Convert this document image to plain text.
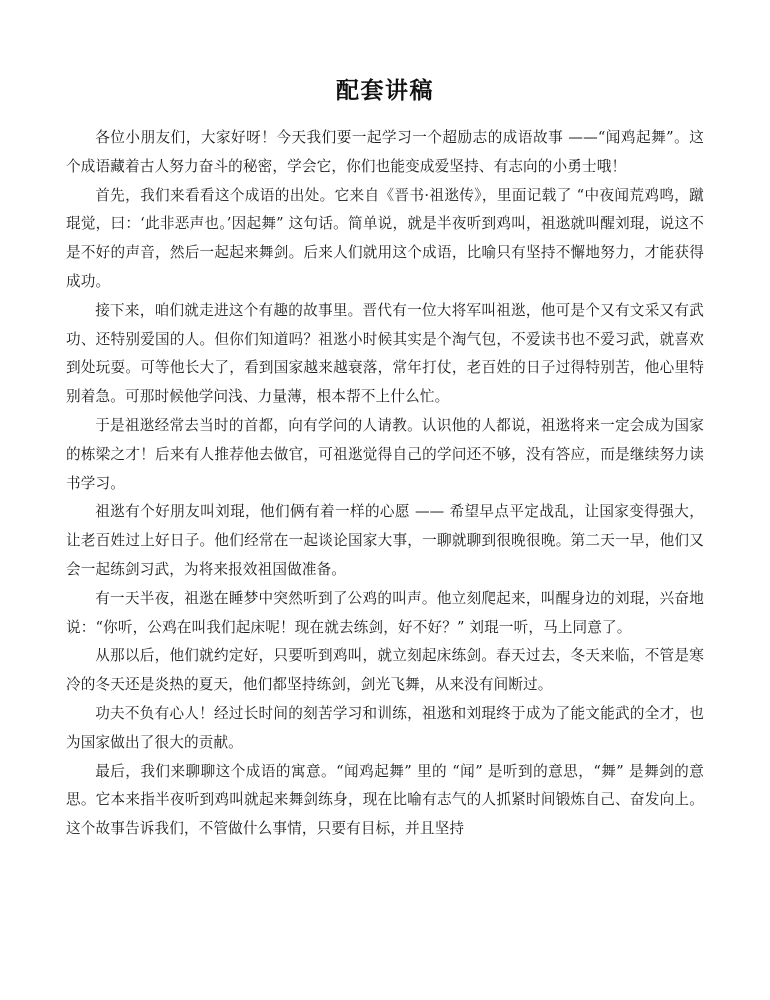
配套讲稿

各位小朋友们，大家好呀！今天我们要一起学习一个超励志的成语故事 ——“闻鸡起舞”。这个成语藏着古人努力奋斗的秘密，学会它，你们也能变成爱坚持、有志向的小勇士哦！

首先，我们来看看这个成语的出处。它来自《晋书·祖逖传》，里面记载了 “中夜闻荒鸡鸣，蹴琨觉，曰：‘此非恶声也。’因起舞” 这句话。简单说，就是半夜听到鸡叫，祖逖就叫醒刘琨，说这不是不好的声音，然后一起起来舞剑。后来人们就用这个成语，比喻只有坚持不懈地努力，才能获得成功。

接下来，咱们就走进这个有趣的故事里。晋代有一位大将军叫祖逖，他可是个又有文采又有武功、还特别爱国的人。但你们知道吗？祖逖小时候其实是个淘气包，不爱读书也不爱习武，就喜欢到处玩耍。可等他长大了，看到国家越来越衰落，常年打仗，老百姓的日子过得特别苦，他心里特别着急。可那时候他学问浅、力量薄，根本帮不上什么忙。

于是祖逖经常去当时的首都，向有学问的人请教。认识他的人都说，祖逖将来一定会成为国家的栋梁之才！后来有人推荐他去做官，可祖逖觉得自己的学问还不够，没有答应，而是继续努力读书学习。

祖逖有个好朋友叫刘琨，他们俩有着一样的心愿 —— 希望早点平定战乱，让国家变得强大，让老百姓过上好日子。他们经常在一起谈论国家大事，一聊就聊到很晚很晚。第二天一早，他们又会一起练剑习武，为将来报效祖国做准备。

有一天半夜，祖逖在睡梦中突然听到了公鸡的叫声。他立刻爬起来，叫醒身边的刘琨，兴奋地说：“你听，公鸡在叫我们起床呢！现在就去练剑，好不好？” 刘琨一听，马上同意了。

从那以后，他们就约定好，只要听到鸡叫，就立刻起床练剑。春天过去，冬天来临，不管是寒冷的冬天还是炎热的夏天，他们都坚持练剑，剑光飞舞，从来没有间断过。

功夫不负有心人！经过长时间的刻苦学习和训练，祖逖和刘琨终于成为了能文能武的全才，也为国家做出了很大的贡献。

最后，我们来聊聊这个成语的寓意。“闻鸡起舞” 里的 “闻” 是听到的意思，“舞” 是舞剑的意思。它本来指半夜听到鸡叫就起来舞剑练身，现在比喻有志气的人抓紧时间锻炼自己、奋发向上。这个故事告诉我们，不管做什么事情，只要有目标，并且坚持
